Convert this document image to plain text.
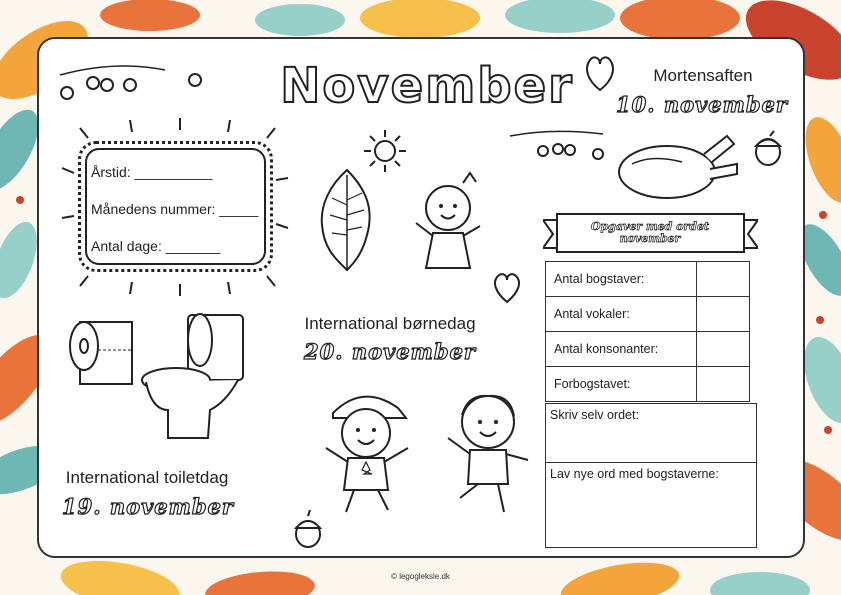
November
Årstid: __________
Månedens nummer: _____
Antal dage: _______
Mortensaften
10. november
Opgaver med ordet november
Antal bogstaver:	
Antal vokaler:	
Antal konsonanter:	
Forbogstavet:	
Skriv selv ordet:
Lav nye ord med bogstaverne:
International børnedag
20. november
International toiletdag
19. november
© legogleksle.dk
